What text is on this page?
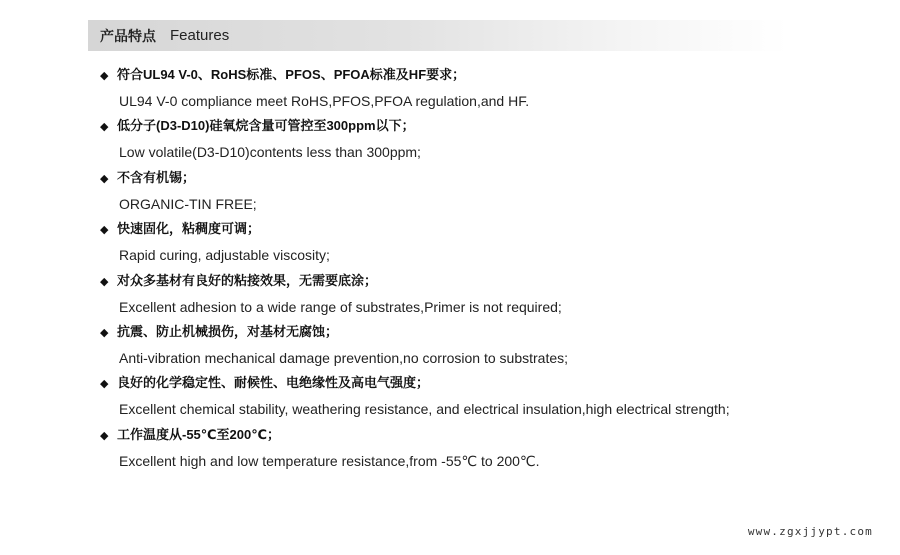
产品特点 Features
◆ 符合UL94 V-0、RoHS标准、PFOS、PFOA标准及HF要求；
UL94 V-0 compliance meet RoHS,PFOS,PFOA regulation,and HF.
◆ 低分子(D3-D10)硅氧烷含量可管控至300ppm以下；
Low volatile(D3-D10)contents less than 300ppm;
◆ 不含有机锡；
ORGANIC-TIN FREE;
◆ 快速固化，粘稠度可调；
Rapid curing, adjustable viscosity;
◆ 对众多基材有良好的粘接效果，无需要底涂；
Excellent adhesion to a wide range of substrates,Primer is not required;
◆ 抗震、防止机械损伤，对基材无腐蚀；
Anti-vibration mechanical damage prevention,no corrosion to substrates;
◆ 良好的化学稳定性、耐候性、电绝缘性及高电气强度；
Excellent chemical stability, weathering resistance, and electrical insulation,high electrical strength;
◆ 工作温度从-55℃至200℃；
Excellent high and low temperature resistance,from -55℃ to 200℃.
www.zgxjjypt.com
